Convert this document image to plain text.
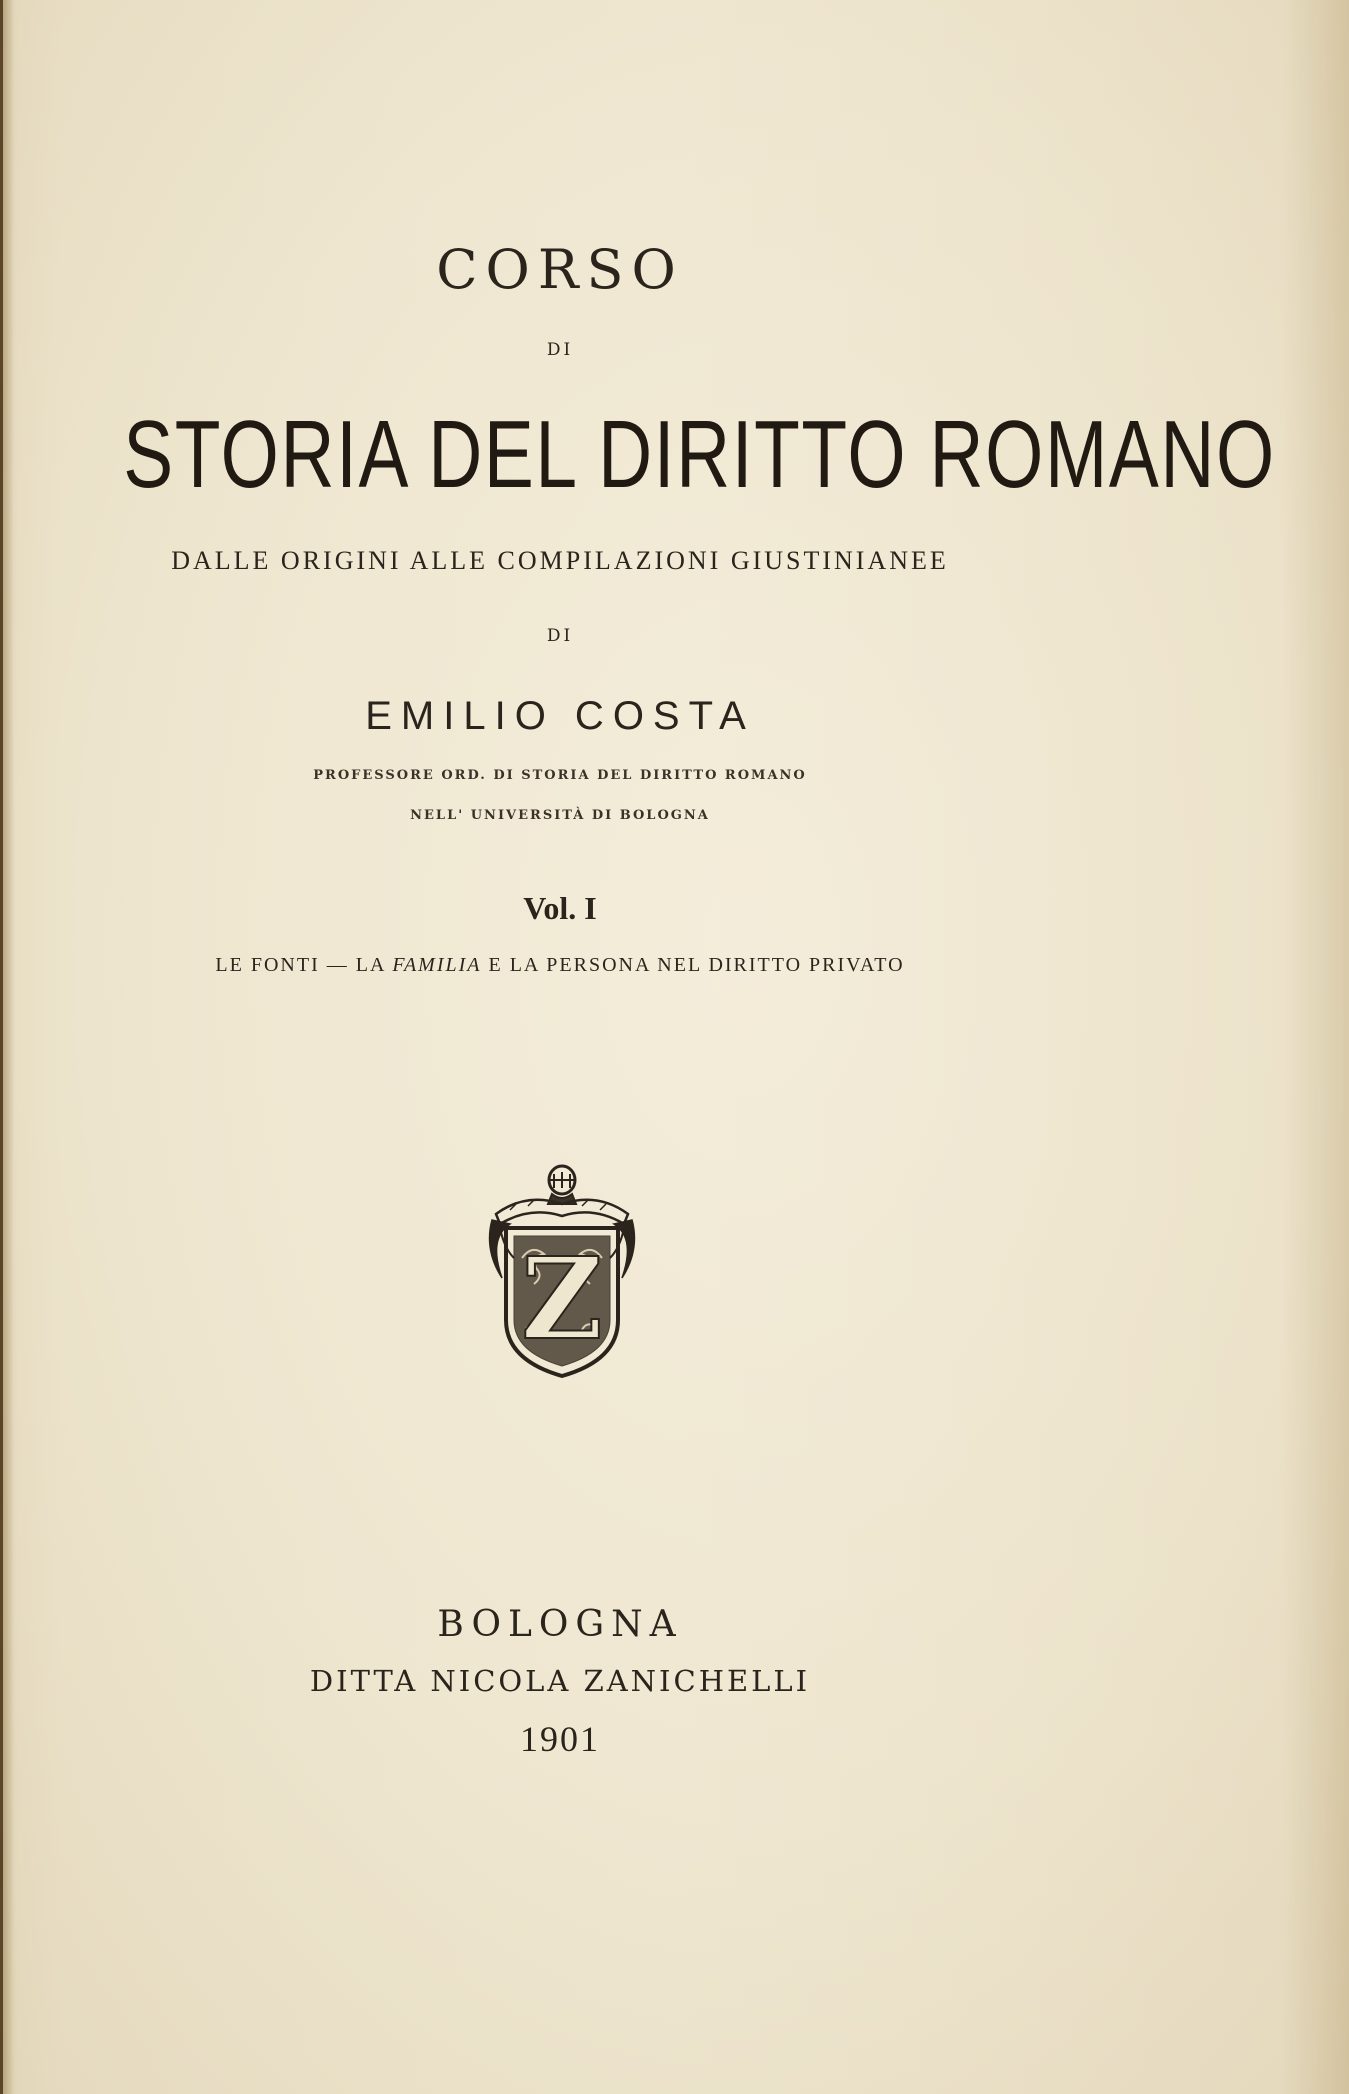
CORSO
DI
STORIA DEL DIRITTO ROMANO
DALLE ORIGINI ALLE COMPILAZIONI GIUSTINIANEE
DI
EMILIO COSTA
PROFESSORE ORD. DI STORIA DEL DIRITTO ROMANO
NELL' UNIVERSITÀ DI BOLOGNA
Vol. I
LE FONTI — LA FAMILIA E LA PERSONA NEL DIRITTO PRIVATO
Z
BOLOGNA
DITTA NICOLA ZANICHELLI
1901
